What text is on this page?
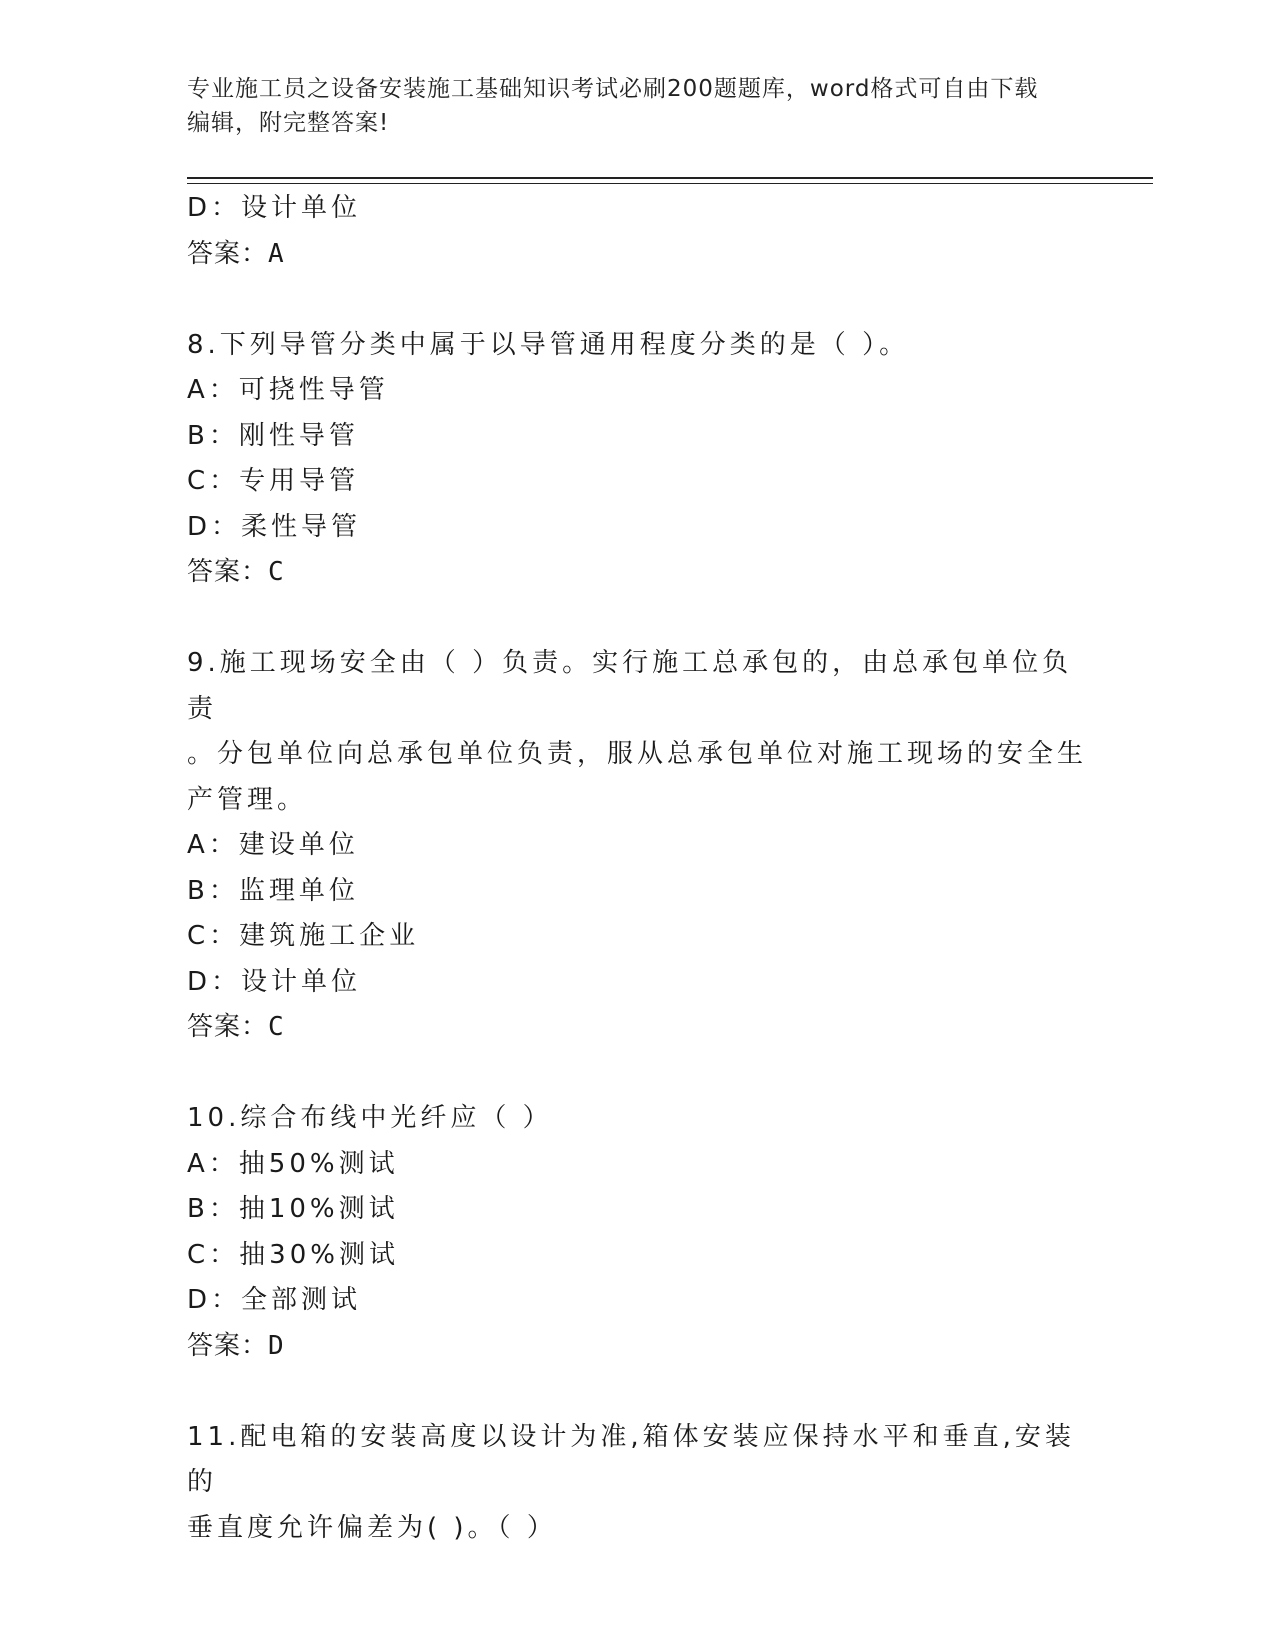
专业施工员之设备安装施工基础知识考试必刷200题题库，word格式可自由下载
编辑，附完整答案!
D：设计单位
答案：A
8.下列导管分类中属于以导管通用程度分类的是（ ）。
A：可挠性导管
B：刚性导管
C：专用导管
D：柔性导管
答案：C
9.施工现场安全由（ ）负责。实行施工总承包的，由总承包单位负责
。分包单位向总承包单位负责，服从总承包单位对施工现场的安全生
产管理。
A：建设单位
B：监理单位
C：建筑施工企业
D：设计单位
答案：C
10.综合布线中光纤应（ ）
A：抽50%测试
B：抽10%测试
C：抽30%测试
D：全部测试
答案：D
11.配电箱的安装高度以设计为准,箱体安装应保持水平和垂直,安装的
垂直度允许偏差为( )。（ ）
